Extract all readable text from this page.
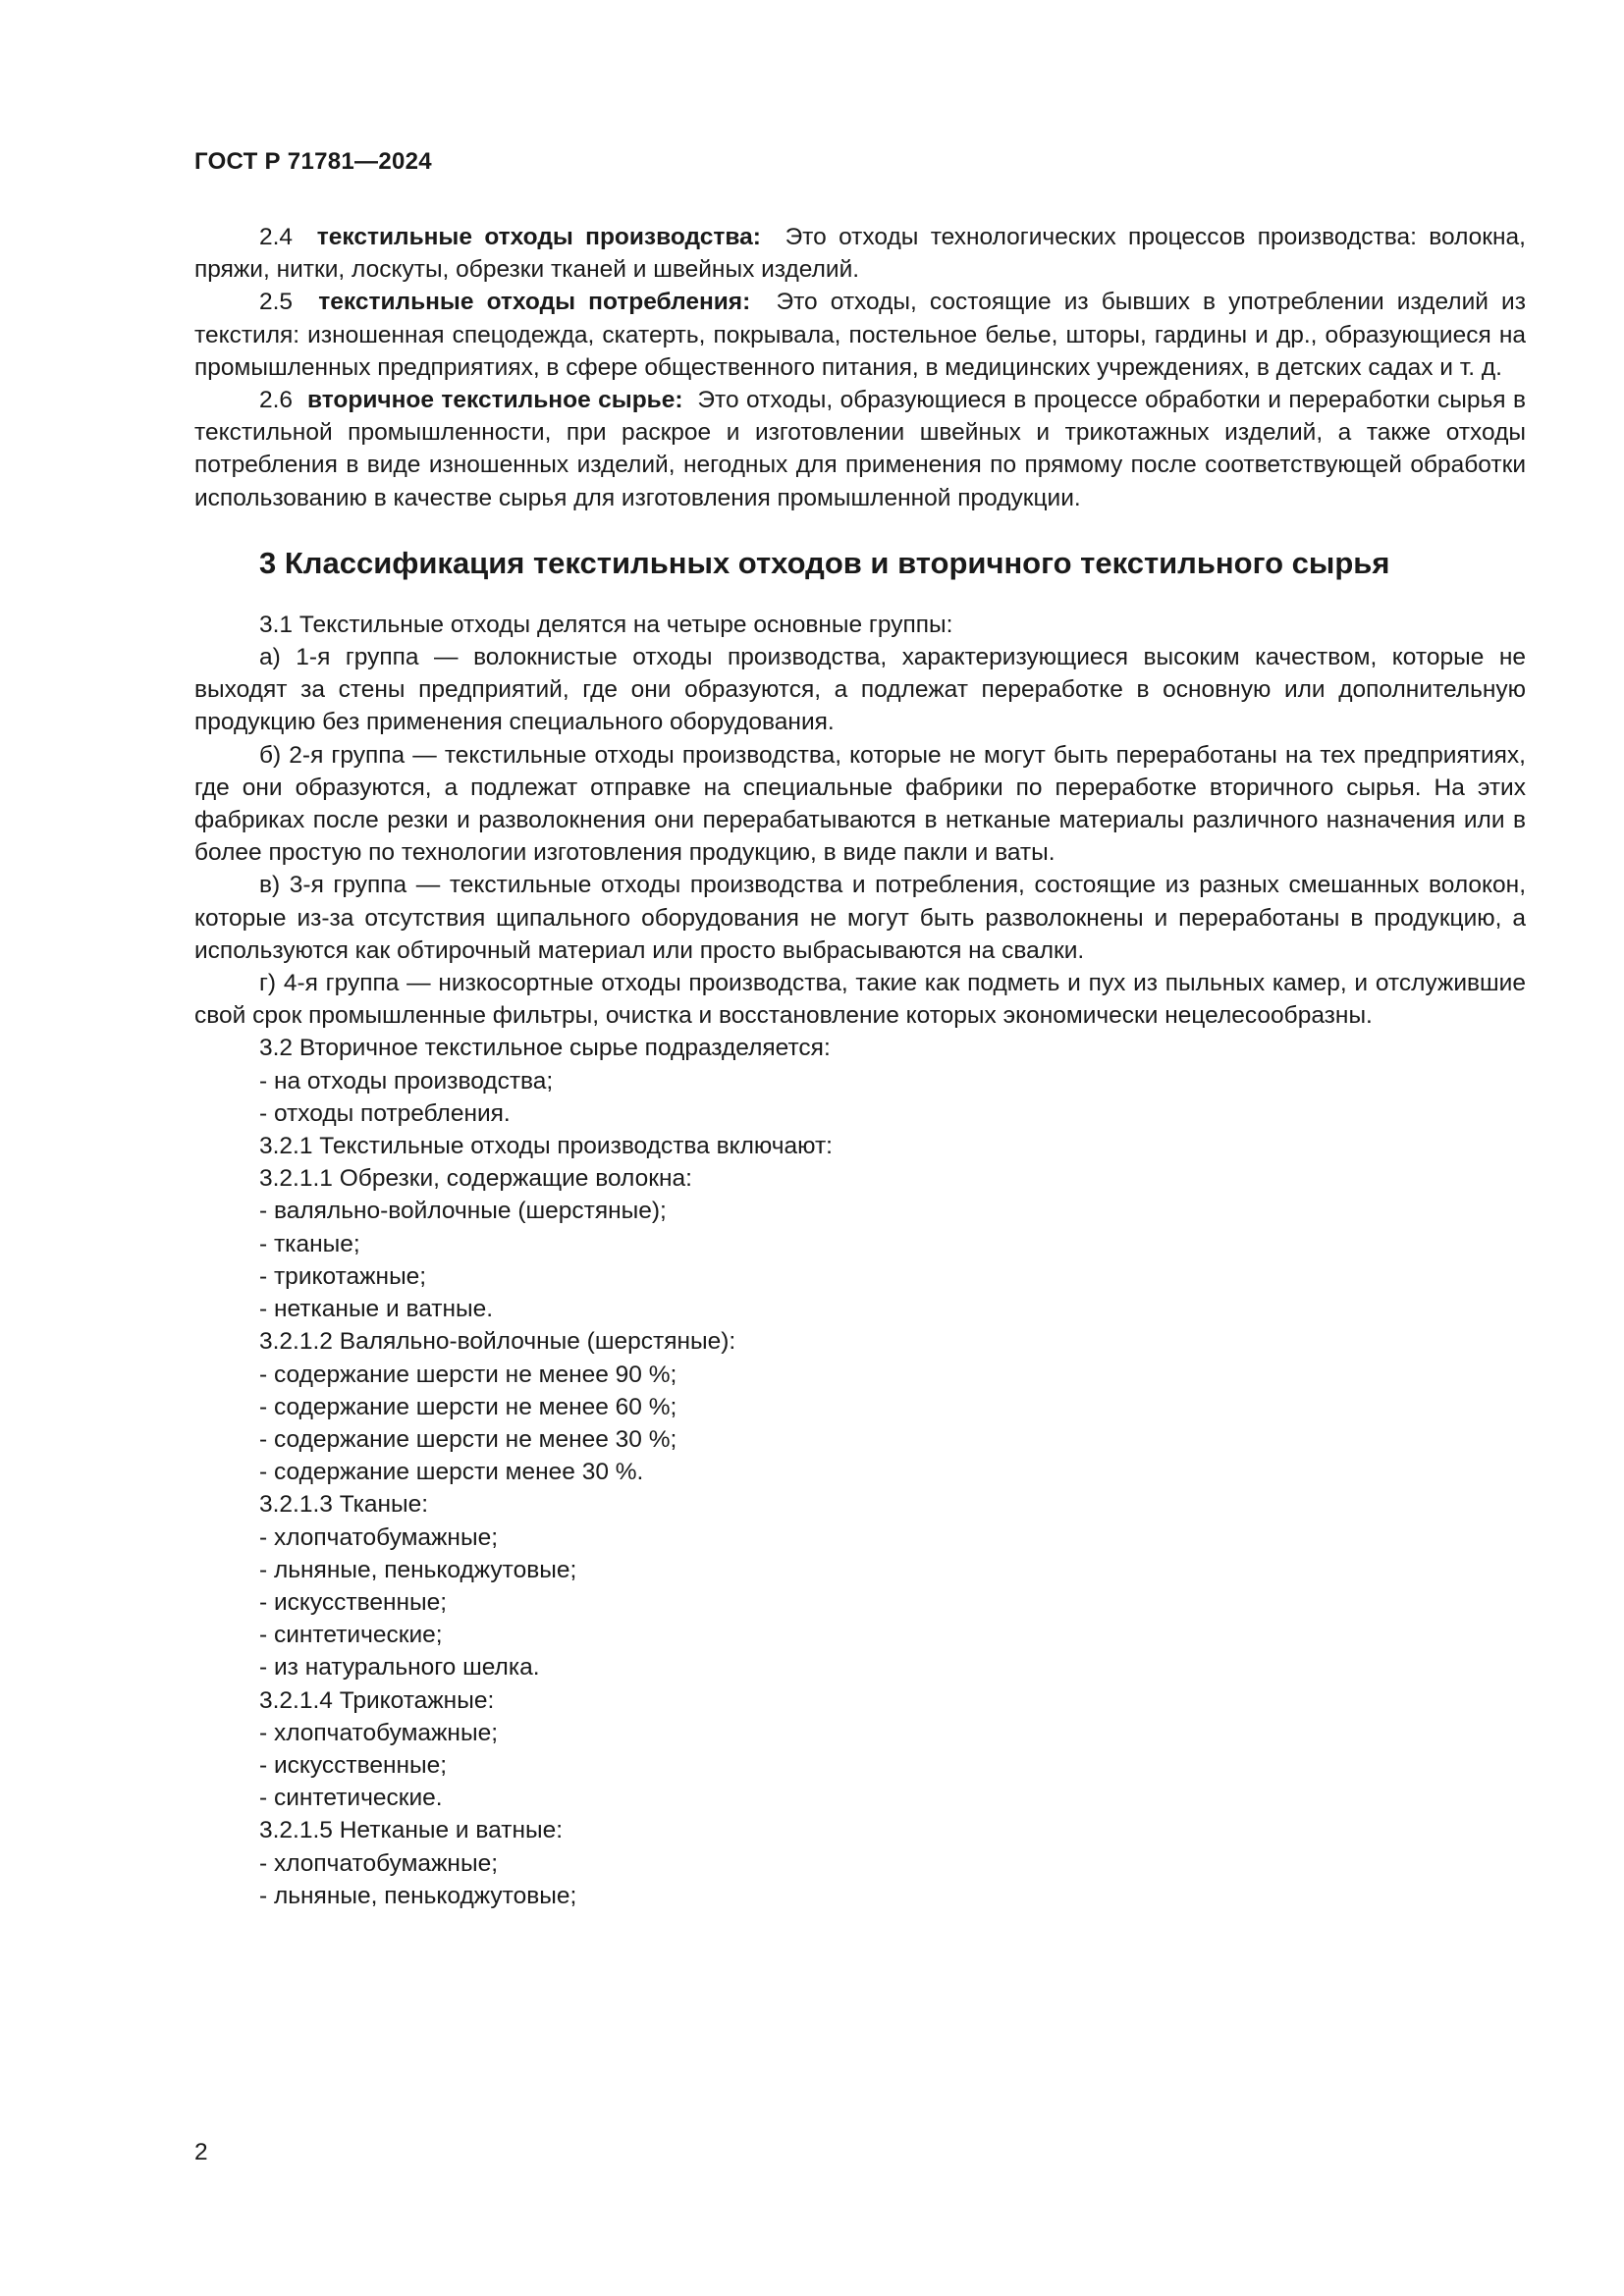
ГОСТ Р 71781—2024

2.4 текстильные отходы производства: Это отходы технологических процессов производства: волокна, пряжи, нитки, лоскуты, обрезки тканей и швейных изделий.

2.5 текстильные отходы потребления: Это отходы, состоящие из бывших в употреблении изделий из текстиля: изношенная спецодежда, скатерть, покрывала, постельное белье, шторы, гардины и др., образующиеся на промышленных предприятиях, в сфере общественного питания, в медицинских учреждениях, в детских садах и т. д.

2.6 вторичное текстильное сырье: Это отходы, образующиеся в процессе обработки и переработки сырья в текстильной промышленности, при раскрое и изготовлении швейных и трикотажных изделий, а также отходы потребления в виде изношенных изделий, негодных для применения по прямому после соответствующей обработки использованию в качестве сырья для изготовления промышленной продукции.

3 Классификация текстильных отходов и вторичного текстильного сырья

3.1 Текстильные отходы делятся на четыре основные группы:

а) 1-я группа — волокнистые отходы производства, характеризующиеся высоким качеством, которые не выходят за стены предприятий, где они образуются, а подлежат переработке в основную или дополнительную продукцию без применения специального оборудования.

б) 2-я группа — текстильные отходы производства, которые не могут быть переработаны на тех предприятиях, где они образуются, а подлежат отправке на специальные фабрики по переработке вторичного сырья. На этих фабриках после резки и разволокнения они перерабатываются в нетканые материалы различного назначения или в более простую по технологии изготовления продукцию, в виде пакли и ваты.

в) 3-я группа — текстильные отходы производства и потребления, состоящие из разных смешанных волокон, которые из-за отсутствия щипального оборудования не могут быть разволокнены и переработаны в продукцию, а используются как обтирочный материал или просто выбрасываются на свалки.

г) 4-я группа — низкосортные отходы производства, такие как подметь и пух из пыльных камер, и отслужившие свой срок промышленные фильтры, очистка и восстановление которых экономически нецелесообразны.

3.2 Вторичное текстильное сырье подразделяется:
- на отходы производства;
- отходы потребления.
3.2.1 Текстильные отходы производства включают:
3.2.1.1 Обрезки, содержащие волокна:
- валяльно-войлочные (шерстяные);
- тканые;
- трикотажные;
- нетканые и ватные.
3.2.1.2 Валяльно-войлочные (шерстяные):
- содержание шерсти не менее 90 %;
- содержание шерсти не менее 60 %;
- содержание шерсти не менее 30 %;
- содержание шерсти менее 30 %.
3.2.1.3 Тканые:
- хлопчатобумажные;
- льняные, пенькоджутовые;
- искусственные;
- синтетические;
- из натурального шелка.
3.2.1.4 Трикотажные:
- хлопчатобумажные;
- искусственные;
- синтетические.
3.2.1.5 Нетканые и ватные:
- хлопчатобумажные;
- льняные, пенькоджутовые;
2
